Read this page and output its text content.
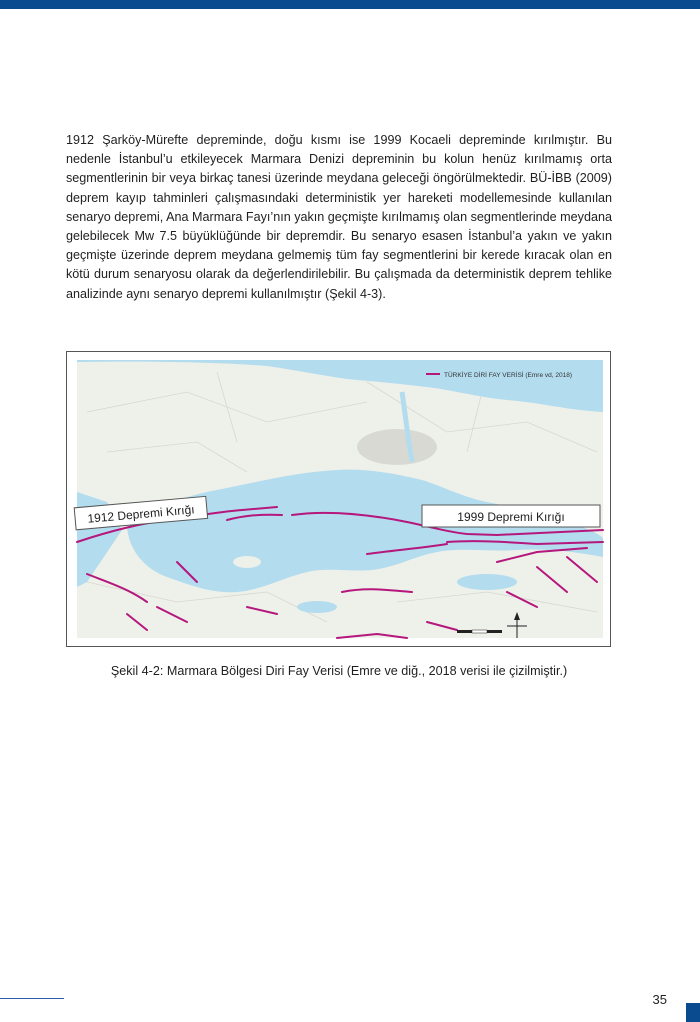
1912 Şarköy-Mürefte depreminde, doğu kısmı ise 1999 Kocaeli depreminde kırılmıştır. Bu nedenle İstanbul’u etkileyecek Marmara Denizi depreminin bu kolun henüz kırılmamış orta segmentlerinin bir veya birkaç tanesi üzerinde meydana geleceği öngörülmektedir. BÜ-İBB (2009) deprem kayıp tahminleri çalışmasındaki deterministik yer hareketi modellemesinde kullanılan senaryo depremi, Ana Marmara Fayı’nın yakın geçmişte kırılmamış olan segmentlerinde meydana gelebilecek Mw 7.5 büyüklüğünde bir depremdir. Bu senaryo esasen İstanbul’a yakın ve yakın geçmişte üzerinde deprem meydana gelmemiş tüm fay segmentlerini bir kerede kıracak olan en kötü durum senaryosu olarak da değerlendirilebilir. Bu çalışmada da deterministik deprem tehlike analizinde aynı senaryo depremi kullanılmıştır (Şekil 4-3).

TÜRKİYE DİRİ FAY VERİSİ (Emre vd, 2018)
1912 Depremi Kırığı	1999 Depremi Kırığı

Şekil 4-2: Marmara Bölgesi Diri Fay Verisi (Emre ve diğ., 2018 verisi ile çizilmiştir.)

35
